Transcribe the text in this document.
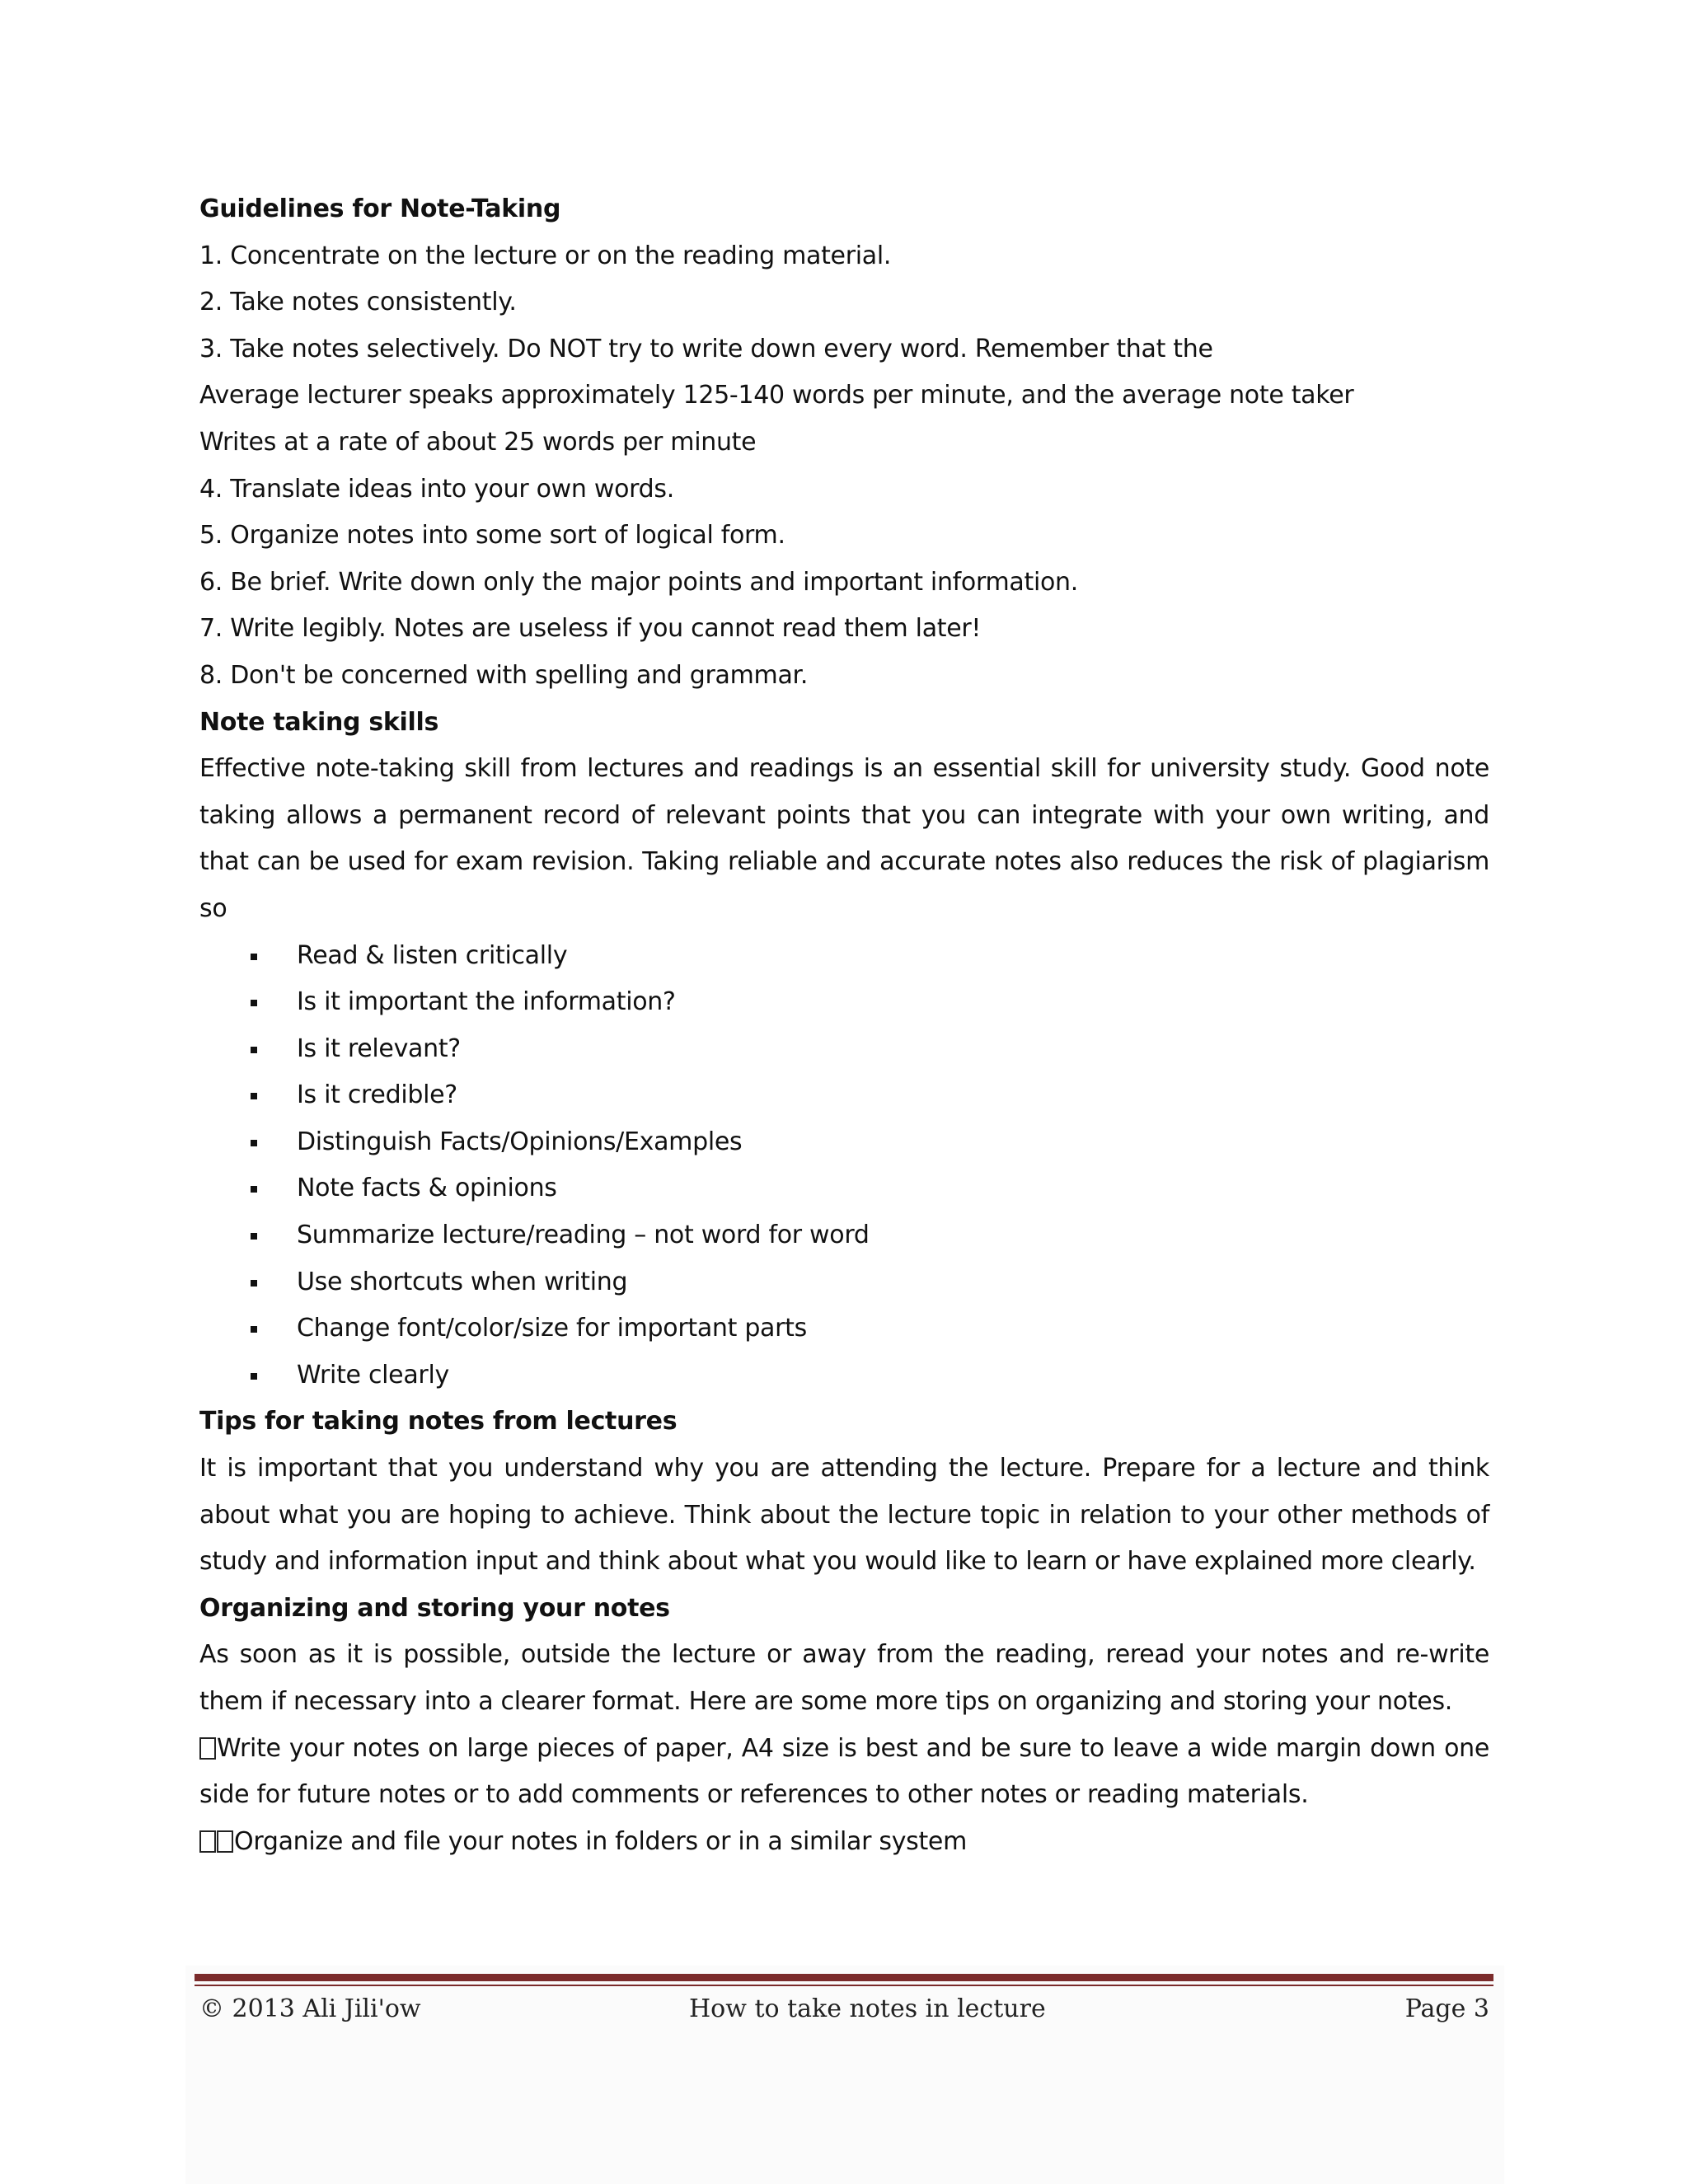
Guidelines for Note-Taking
1. Concentrate on the lecture or on the reading material.
2. Take notes consistently.
3. Take notes selectively. Do NOT try to write down every word. Remember that the
Average lecturer speaks approximately 125-140 words per minute, and the average note taker
Writes at a rate of about 25 words per minute
4. Translate ideas into your own words.
5. Organize notes into some sort of logical form.
6. Be brief. Write down only the major points and important information.
7. Write legibly. Notes are useless if you cannot read them later!
8. Don't be concerned with spelling and grammar.
Note taking skills
Effective note-taking skill from lectures and readings is an essential skill for university study. Good note taking allows a permanent record of relevant points that you can integrate with your own writing, and that can be used for exam revision. Taking reliable and accurate notes also reduces the risk of plagiarism so
Read & listen critically
Is it important the information?
Is it relevant?
Is it credible?
Distinguish Facts/Opinions/Examples
Note facts & opinions
Summarize lecture/reading – not word for word
Use shortcuts when writing
Change font/color/size for important parts
Write clearly
Tips for taking notes from lectures
It is important that you understand why you are attending the lecture. Prepare for a lecture and think about what you are hoping to achieve. Think about the lecture topic in relation to your other methods of study and information input and think about what you would like to learn or have explained more clearly.
Organizing and storing your notes
As soon as it is possible, outside the lecture or away from the reading, reread your notes and re-write them if necessary into a clearer format. Here are some more tips on organizing and storing your notes.
Write your notes on large pieces of paper, A4 size is best and be sure to leave a wide margin down one side for future notes or to add comments or references to other notes or reading materials.
Organize and file your notes in folders or in a similar system
© 2013 Ali Jili'ow	How to take notes in lecture	Page 3
